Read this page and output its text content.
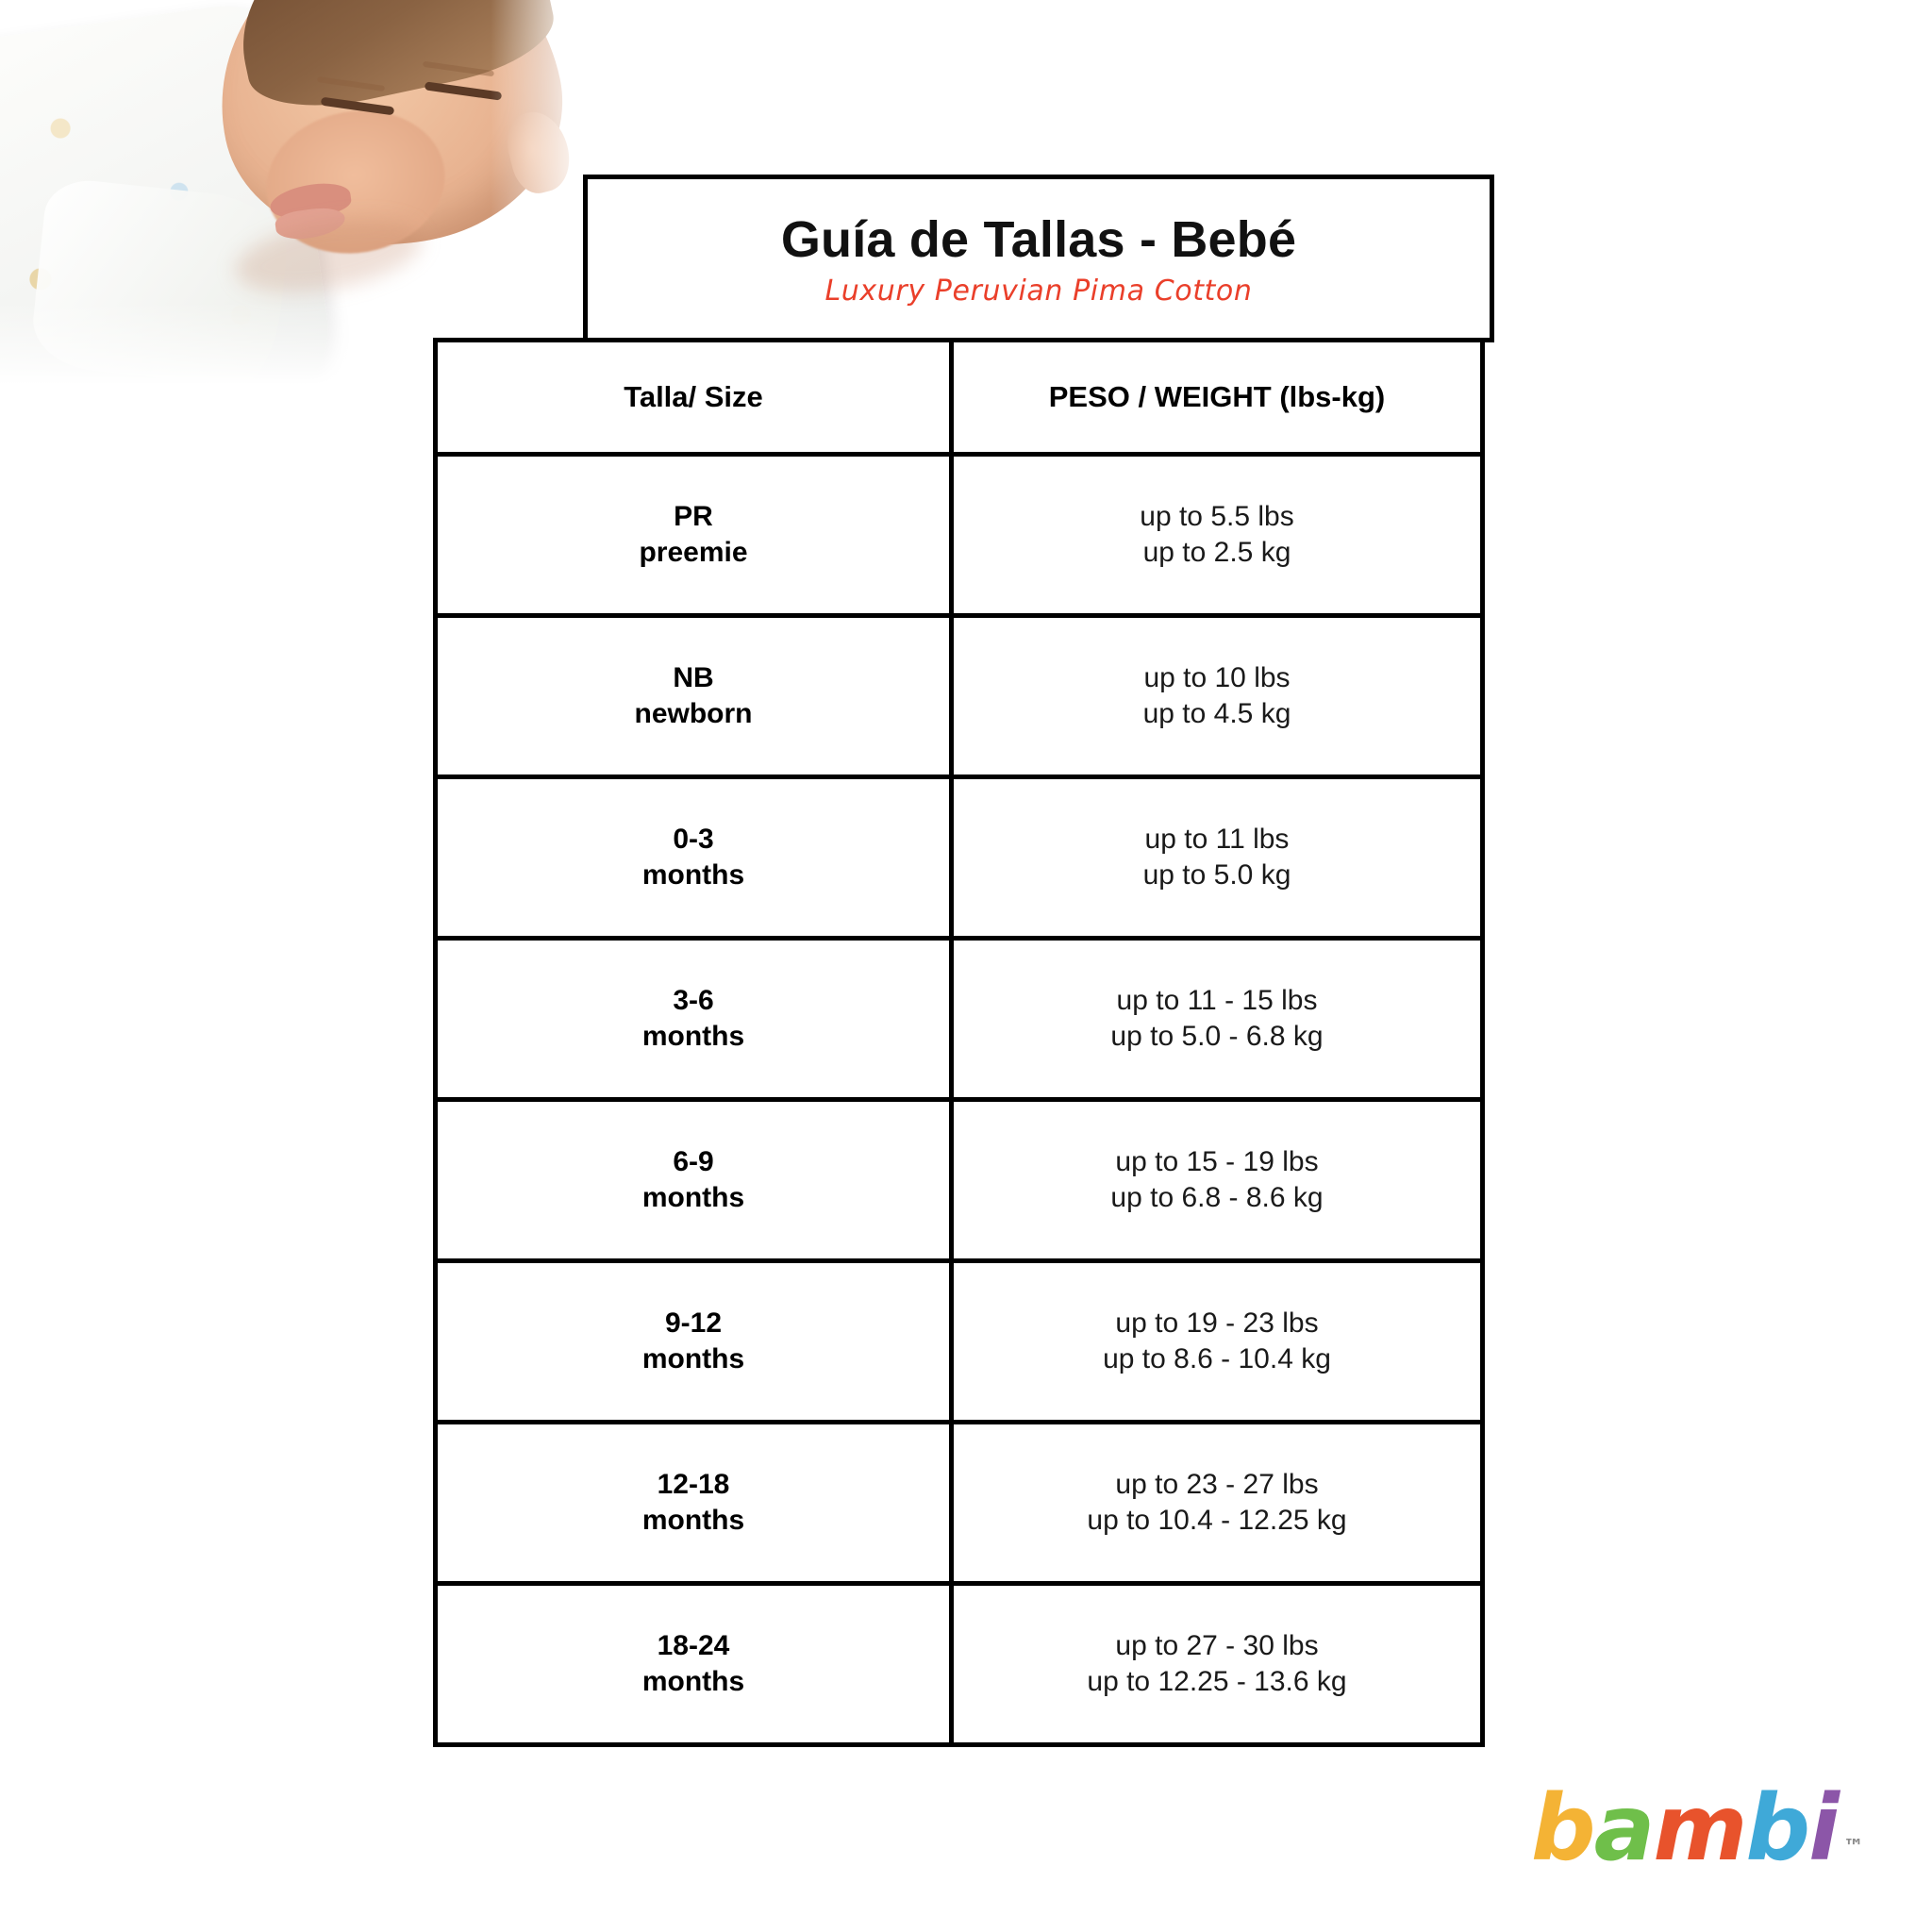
Guía de Tallas - Bebé
Luxury Peruvian Pima Cotton
Talla/ Size	PESO / WEIGHT (lbs-kg)
PR
preemie
up to 5.5 lbs
up to 2.5 kg
NB
newborn
up to 10 lbs
up to 4.5 kg
0-3
months
up to 11 lbs
up to 5.0 kg
3-6
months
up to 11 - 15 lbs
up to 5.0 - 6.8 kg
6-9
months
up to 15 - 19 lbs
up to 6.8 - 8.6 kg
9-12
months
up to 19 - 23 lbs
up to 8.6 - 10.4 kg
12-18
months
up to 23 - 27 lbs
up to 10.4 - 12.25 kg
18-24
months
up to 27 - 30 lbs
up to 12.25 - 13.6 kg
b a m b i ™
